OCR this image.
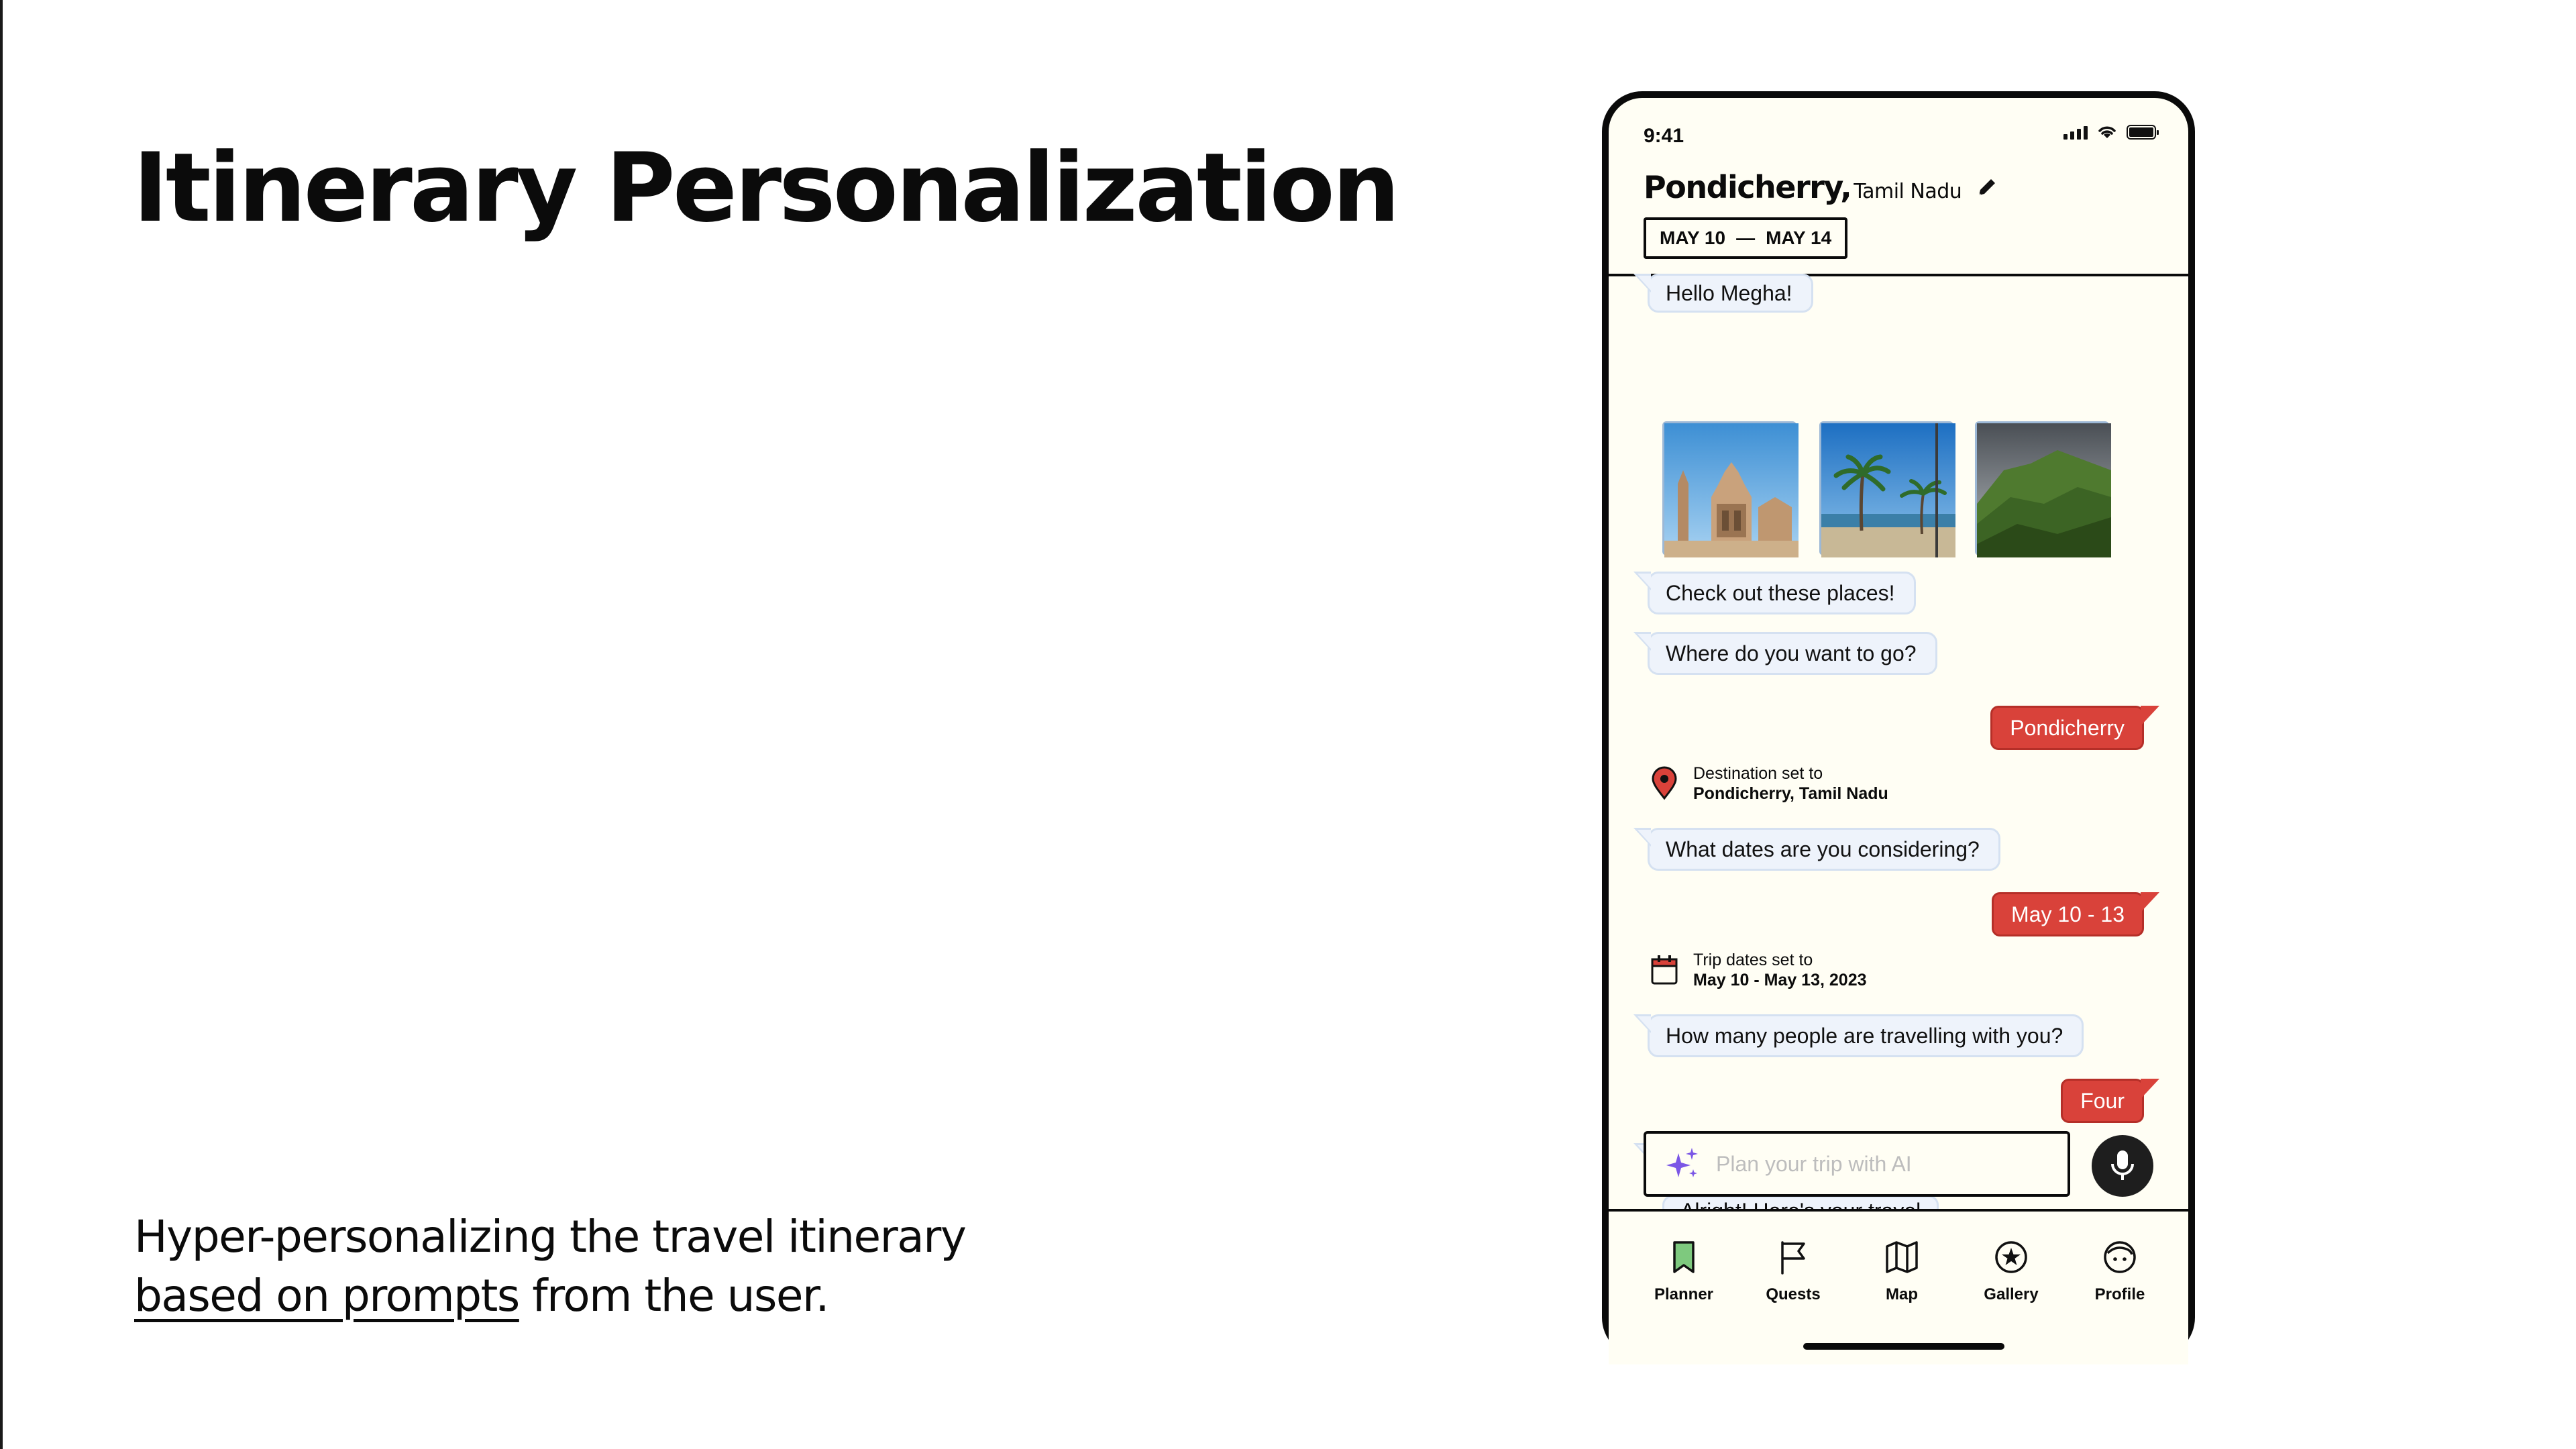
Itinerary Personalization
Hyper-personalizing the travel itinerary
based on prompts from the user.
9:41
Pondicherry, Tamil Nadu
MAY 10 — MAY 14
Hello Megha!
Check out these places!
Where do you want to go?
Pondicherry
Destination set to
Pondicherry, Tamil Nadu
What dates are you considering?
May 10 - 13
Trip dates set to
May 10 - May 13, 2023
How many people are travelling with you?
Four
Plan your trip with AI
Planner	Quests	Map	Gallery	Profile
